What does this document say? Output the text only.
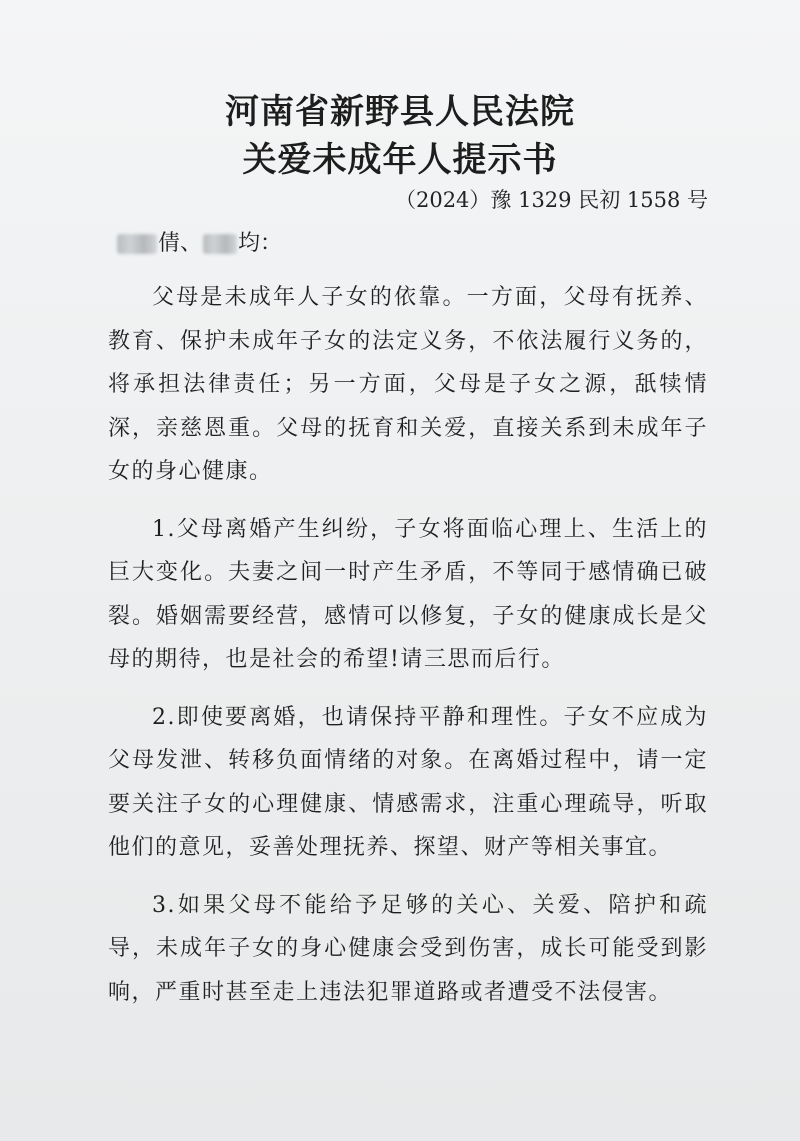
河南省新野县人民法院
关爱未成年人提示书
（2024）豫 1329 民初 1558 号
倩 、 均 ：

父母是未成年人子女的依靠。一方面，父母有抚养、教育、保护未成年子女的法定义务，不依法履行义务的，将承担法律责任；另一方面，父母是子女之源，舐犊情深，亲慈恩重。父母的抚育和关爱，直接关系到未成年子女的身心健康。

1.父母离婚产生纠纷，子女将面临心理上、生活上的巨大变化。夫妻之间一时产生矛盾，不等同于感情确已破裂。婚姻需要经营，感情可以修复，子女的健康成长是父母的期待，也是社会的希望!请三思而后行。

2.即使要离婚，也请保持平静和理性。子女不应成为父母发泄、转移负面情绪的对象。在离婚过程中，请一定要关注子女的心理健康、情感需求，注重心理疏导，听取他们的意见，妥善处理抚养、探望、财产等相关事宜。

3.如果父母不能给予足够的关心、关爱、陪护和疏导，未成年子女的身心健康会受到伤害，成长可能受到影响，严重时甚至走上违法犯罪道路或者遭受不法侵害。
